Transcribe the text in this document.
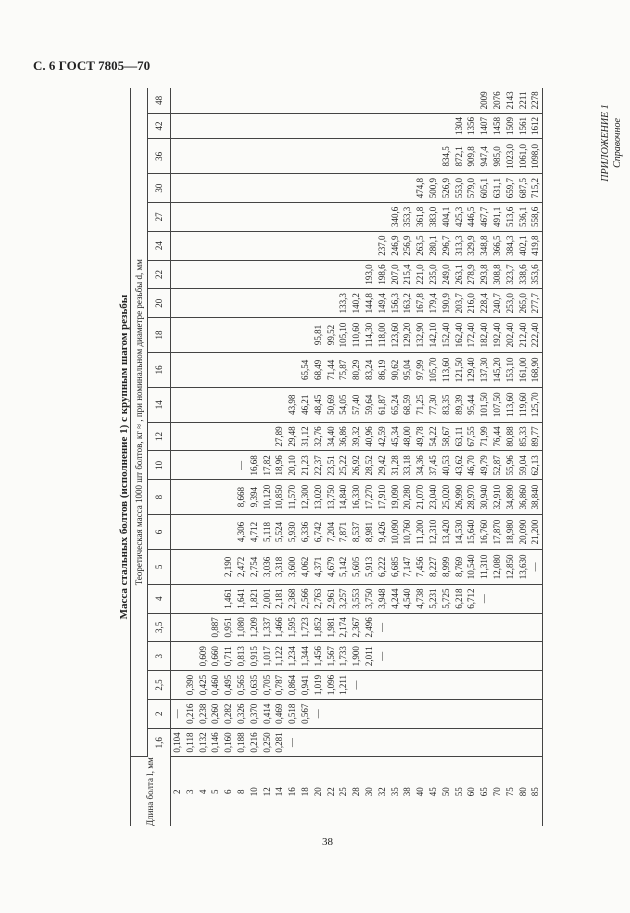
С. 6 ГОСТ 7805—70
ПРИЛОЖЕНИЕ 1 Справочное
Масса стальных болтов (исполнение 1) с крупным шагом резьбы
Длина болта l, мм	Теоретическая масса 1000 шт болтов, кг ≈ , при номинальном диаметре резьбы d, мм																					
	1,6	2	2,5	3	3,5	4	5	6	8	10	12	14	16	18	20	22	24	27	30	36	42	48
2	0,104	—																				
3	0,118	0,216	0,390																			
4	0,132	0,238	0,425	0,609																		
5	0,146	0,260	0,460	0,660	0,887																	
6	0,160	0,282	0,495	0,711	0,951	1,461	2,190															
8	0,188	0,326	0,565	0,813	1,080	1,641	2,472	4,306	8,668	—												
10	0,216	0,370	0,635	0,915	1,209	1,821	2,754	4,712	9,394	16,68												
12	0,250	0,414	0,705	1,017	1,337	2,001	3,036	5,118	10,120	17,82												
14	0,281	0,469	0,787	1,122	1,466	2,181	3,318	5,524	10,850	18,96	27,89											
16	—	0,518	0,864	1,234	1,595	2,368	3,600	5,930	11,570	20,10	29,48	43,98										
18		0,567	0,941	1,344	1,723	2,566	4,062	6,336	12,300	21,23	31,12	46,21	65,54									
20		—	1,019	1,456	1,852	2,763	4,371	6,742	13,020	22,37	32,76	48,45	68,49	95,81								
22			1,096	1,567	1,981	2,961	4,679	7,204	13,750	23,51	34,40	50,69	71,44	99,52								
25			1,211	1,733	2,174	3,257	5,142	7,871	14,840	25,22	36,86	54,05	75,87	105,10	133,3							
28			—	1,900	2,367	3,553	5,605	8,537	16,330	26,92	39,32	57,40	80,29	110,60	140,2							
30				2,011	2,496	3,750	5,913	8,981	17,270	28,52	40,96	59,64	83,24	114,30	144,8	193,0						
32				—	—	3,948	6,222	9,426	17,910	29,42	42,59	61,87	86,19	118,00	149,4	198,6	237,0					
35						4,244	6,685	10,090	19,090	31,28	45,34	65,24	90,62	123,60	156,3	207,0	246,9	340,6				
38						4,540	7,147	10,760	20,280	33,18	48,00	68,59	95,04	129,20	163,2	215,4	256,9	353,3				
40						4,738	7,456	11,200	21,070	34,36	49,78	71,25	97,99	132,90	167,8	221,0	263,5	361,8	474,8			
45						5,231	8,227	12,310	23,040	37,45	54,22	77,30	105,70	142,10	179,4	235,0	280,1	383,0	500,9			
50						5,725	8,999	13,420	25,020	40,53	58,67	83,35	113,60	152,40	190,9	249,0	296,7	404,1	526,9	834,5		
55						6,218	8,769	14,530	26,990	43,62	63,11	89,39	121,50	162,40	203,7	263,1	313,3	425,3	553,0	872,1	1304	
60						6,712	10,540	15,640	28,970	46,70	67,55	95,44	129,40	172,40	216,0	278,9	329,9	446,5	579,0	909,8	1356	
65						—	11,310	16,760	30,940	49,79	71,99	101,50	137,30	182,40	228,4	293,8	348,8	467,7	605,1	947,4	1407	2009
70							12,080	17,870	32,910	52,87	76,44	107,50	145,20	192,40	240,7	308,8	366,5	491,1	631,1	985,0	1458	2076
75							12,850	18,980	34,890	55,96	80,88	113,60	153,10	202,40	253,0	323,7	384,3	513,6	659,7	1023,0	1509	2143
80							13,630	20,090	36,860	59,04	85,33	119,60	161,00	212,40	265,0	338,6	402,1	536,1	687,5	1061,0	1561	2211
85							—	21,200	38,840	62,13	89,77	125,70	168,90	222,40	277,7	353,6	419,8	558,6	715,2	1098,0	1612	2278
38
